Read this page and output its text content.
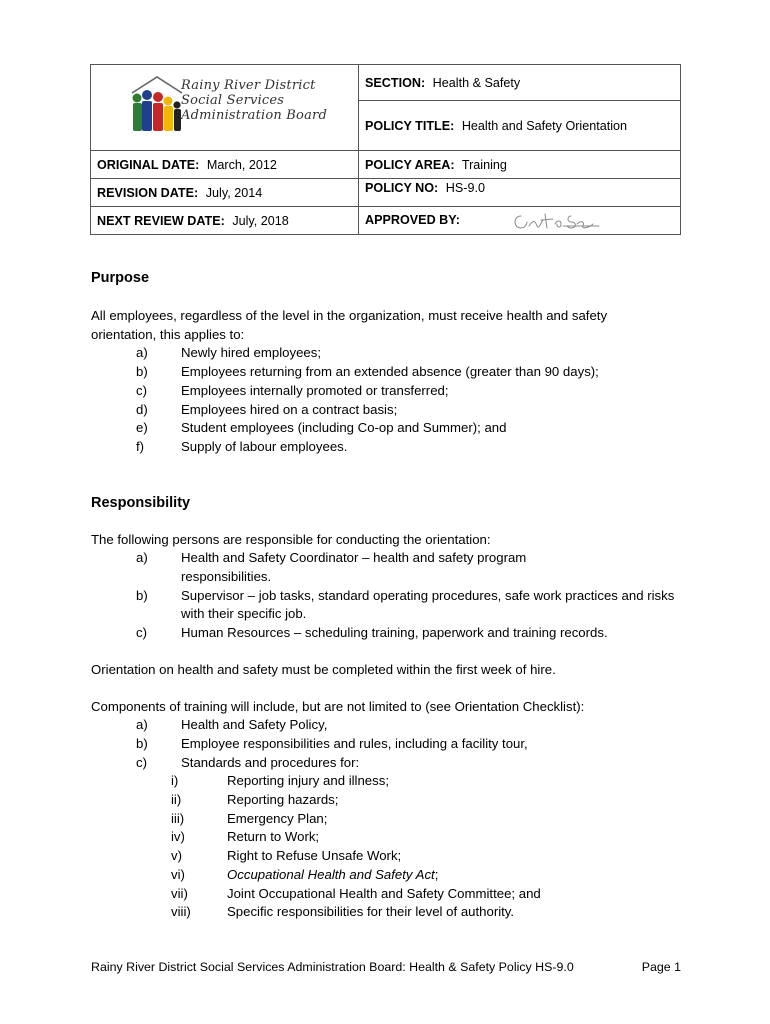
Rainy River District
Social Services
Administration Board	SECTION: Health & Safety
	POLICY TITLE: Health and Safety Orientation
ORIGINAL DATE: March, 2012	POLICY AREA: Training
REVISION DATE: July, 2014	POLICY NO: HS-9.0
NEXT REVIEW DATE: July, 2018	APPROVED BY:
Purpose

All employees, regardless of the level in the organization, must receive health and safety orientation, this applies to:

a)	Newly hired employees;
b)	Employees returning from an extended absence (greater than 90 days);
c)	Employees internally promoted or transferred;
d)	Employees hired on a contract basis;
e)	Student employees (including Co-op and Summer); and
f)	Supply of labour employees.
Responsibility

The following persons are responsible for conducting the orientation:

a)	Health and Safety Coordinator – health and safety program responsibilities.
b)	Supervisor – job tasks, standard operating procedures, safe work practices and risks with their specific job.
c)	Human Resources – scheduling training, paperwork and training records.

Orientation on health and safety must be completed within the first week of hire.

Components of training will include, but are not limited to (see Orientation Checklist):

a)	Health and Safety Policy,
b)	Employee responsibilities and rules, including a facility tour,
c)	Standards and procedures for:
i)	Reporting injury and illness;
ii)	Reporting hazards;
iii)	Emergency Plan;
iv)	Return to Work;
v)	Right to Refuse Unsafe Work;
vi)	Occupational Health and Safety Act;
vii)	Joint Occupational Health and Safety Committee; and
viii)	Specific responsibilities for their level of authority.
Rainy River District Social Services Administration Board: Health & Safety Policy HS-9.0	Page 1
